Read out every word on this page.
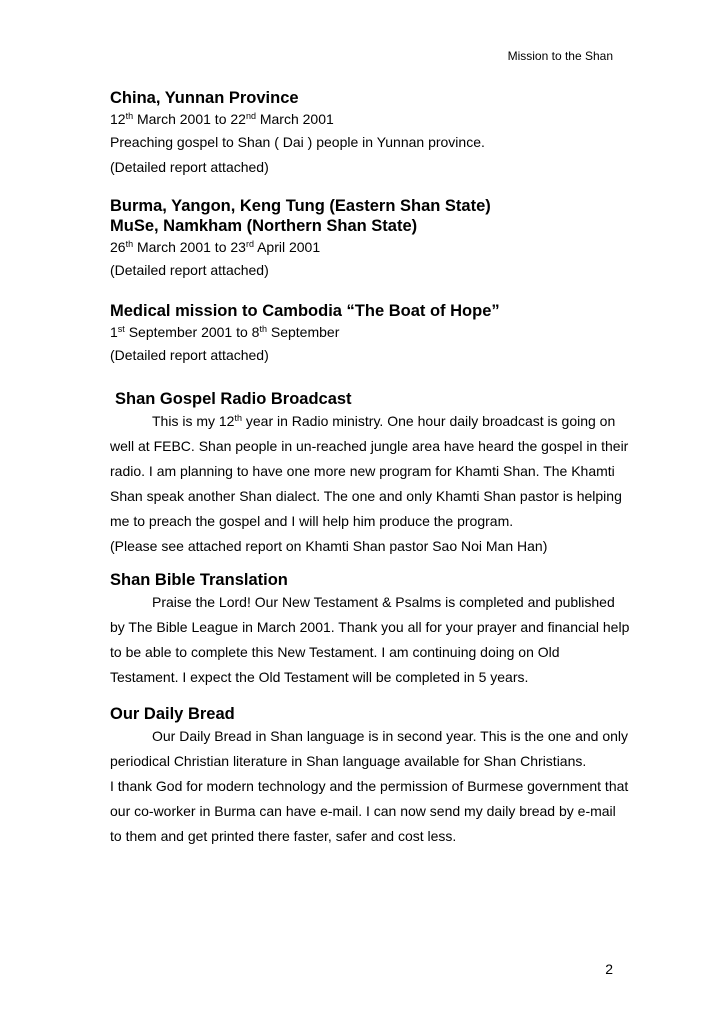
Mission to the Shan
China, Yunnan Province

12th March 2001 to 22nd March 2001

Preaching gospel to Shan ( Dai ) people in Yunnan province.

(Detailed report attached)

Burma, Yangon, Keng Tung (Eastern Shan State)
MuSe, Namkham (Northern Shan State)

26th March 2001 to 23rd April 2001

(Detailed report attached)

Medical mission to Cambodia “The Boat of Hope”

1st September 2001 to 8th September

(Detailed report attached)

Shan Gospel Radio Broadcast

This is my 12th year in Radio ministry. One hour daily broadcast is going on well at FEBC. Shan people in un-reached jungle area have heard the gospel in their radio. I am planning to have one more new program for Khamti Shan. The Khamti Shan speak another Shan dialect. The one and only Khamti Shan pastor is helping me to preach the gospel and I will help him produce the program.

(Please see attached report on Khamti Shan pastor Sao Noi Man Han)

Shan Bible Translation

Praise the Lord! Our New Testament & Psalms is completed and published by The Bible League in March 2001. Thank you all for your prayer and financial help to be able to complete this New Testament. I am continuing doing on Old Testament. I expect the Old Testament will be completed in 5 years.

Our Daily Bread

Our Daily Bread in Shan language is in second year. This is the one and only periodical Christian literature in Shan language available for Shan Christians.

I thank God for modern technology and the permission of Burmese government that our co-worker in Burma can have e-mail. I can now send my daily bread by e-mail to them and get printed there faster, safer and cost less.

2
